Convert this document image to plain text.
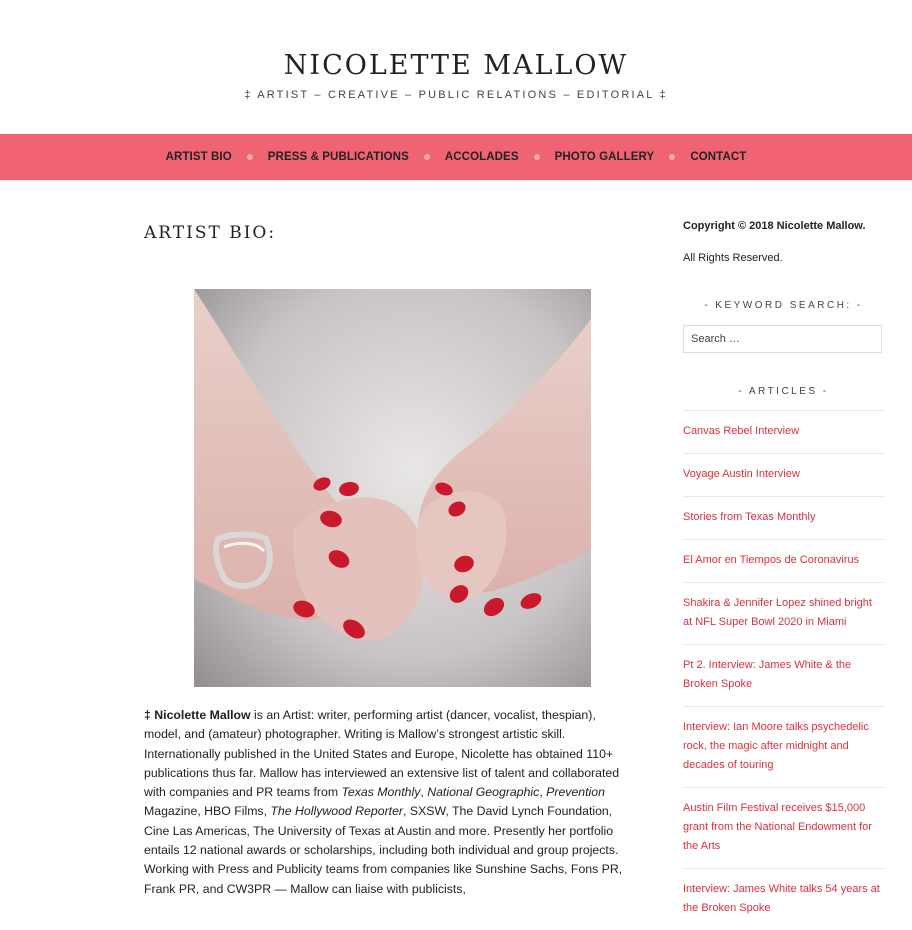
NICOLETTE MALLOW
‡ ARTIST – CREATIVE – PUBLIC RELATIONS – EDITORIAL ‡
ARTIST BIO	PRESS & PUBLICATIONS	ACCOLADES	PHOTO GALLERY	CONTACT
ARTIST BIO:

‡ Nicolette Mallow is an Artist: writer, performing artist (dancer, vocalist, thespian), model, and (amateur) photographer. Writing is Mallow’s strongest artistic skill. Internationally published in the United States and Europe, Nicolette has obtained 110+ publications thus far. Mallow has interviewed an extensive list of talent and collaborated with companies and PR teams from Texas Monthly, National Geographic, Prevention Magazine, HBO Films, The Hollywood Reporter, SXSW, The David Lynch Foundation, Cine Las Americas, The University of Texas at Austin and more. Presently her portfolio entails 12 national awards or scholarships, including both individual and group projects. Working with Press and Publicity teams from companies like Sunshine Sachs, Fons PR, Frank PR, and CW3PR — Mallow can liaise with publicists,

Copyright © 2018 Nicolette Mallow.
All Rights Reserved.
- KEYWORD SEARCH: -
Search …
- ARTICLES -
Canvas Rebel Interview
Voyage Austin Interview
Stories from Texas Monthly
El Amor en Tiempos de Coronavirus
Shakira & Jennifer Lopez shined bright at NFL Super Bowl 2020 in Miami
Pt 2. Interview: James White & the Broken Spoke
Interview: Ian Moore talks psychedelic rock, the magic after midnight and decades of touring
Austin Film Festival receives $15,000 grant from the National Endowment for the Arts
Interview: James White talks 54 years at the Broken Spoke
